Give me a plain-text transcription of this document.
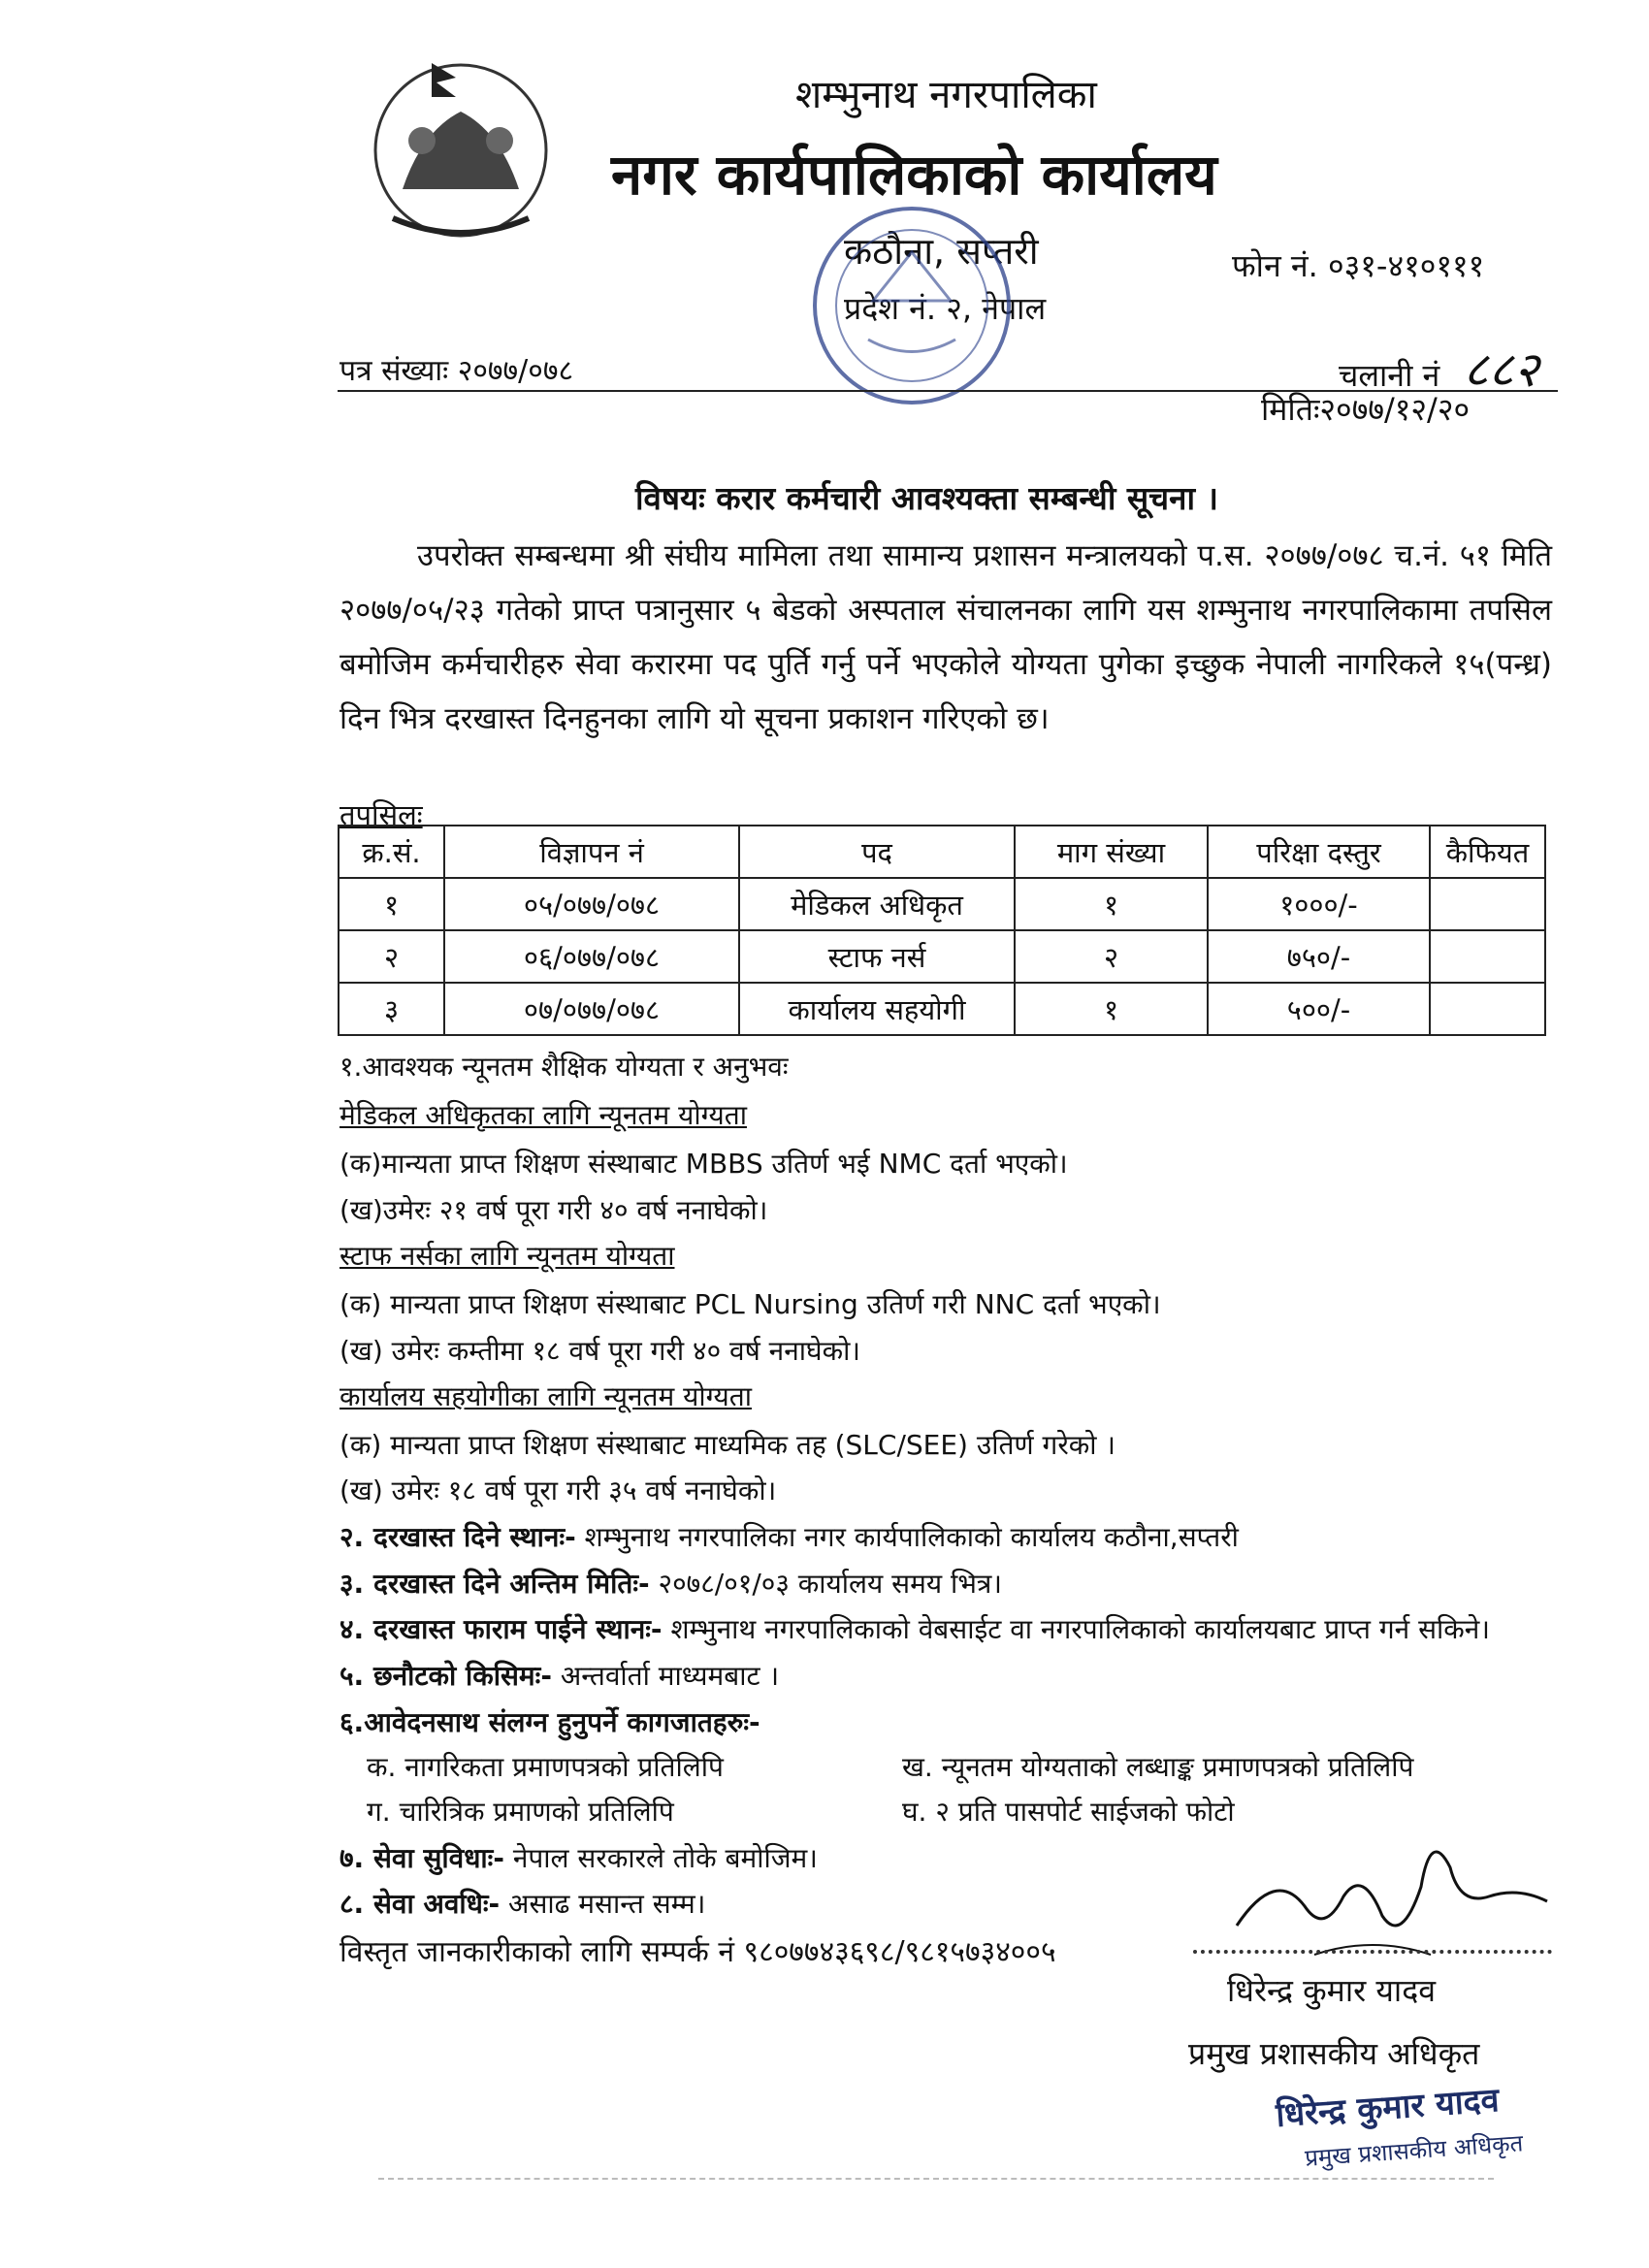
शम्भुनाथ नगरपालिका
नगर कार्यपालिकाको कार्यालय
कठौना, सप्तरी
प्रदेश नं. २, नेपाल
फोन नं. ०३१-४१०१११
पत्र संख्याः २०७७/०७८	चलानी नं ८८२
मितिः२०७७/१२/२०
विषयः करार कर्मचारी आवश्यक्ता सम्बन्धी सूचना ।
उपरोक्त सम्बन्धमा श्री संघीय मामिला तथा सामान्य प्रशासन मन्त्रालयको प.स. २०७७/०७८ च.नं. ५१ मिति २०७७/०५/२३ गतेको प्राप्त पत्रानुसार ५ बेडको अस्पताल संचालनका लागि यस शम्भुनाथ नगरपालिकामा तपसिल बमोजिम कर्मचारीहरु सेवा करारमा पद पुर्ति गर्नु पर्ने भएकोले योग्यता पुगेका इच्छुक नेपाली नागरिकले १५(पन्ध्र) दिन भित्र दरखास्त दिनहुनका लागि यो सूचना प्रकाशन गरिएको छ।
तपसिलः
क्र.सं.	विज्ञापन नं	पद	माग संख्या	परिक्षा दस्तुर	कैफियत
१	०५/०७७/०७८	मेडिकल अधिकृत	१	१०००/-	
२	०६/०७७/०७८	स्टाफ नर्स	२	७५०/-	
३	०७/०७७/०७८	कार्यालय सहयोगी	१	५००/-	
१.आवश्यक न्यूनतम शैक्षिक योग्यता र अनुभवः
मेडिकल अधिकृतका लागि न्यूनतम योग्यता
(क)मान्यता प्राप्त शिक्षण संस्थाबाट MBBS उतिर्ण भई NMC दर्ता भएको।
(ख)उमेरः २१ वर्ष पूरा गरी ४० वर्ष ननाघेको।
स्टाफ नर्सका लागि न्यूनतम योग्यता
(क) मान्यता प्राप्त शिक्षण संस्थाबाट PCL Nursing उतिर्ण गरी NNC दर्ता भएको।
(ख) उमेरः कम्तीमा १८ वर्ष पूरा गरी ४० वर्ष ननाघेको।
कार्यालय सहयोगीका लागि न्यूनतम योग्यता
(क) मान्यता प्राप्त शिक्षण संस्थाबाट माध्यमिक तह (SLC/SEE) उतिर्ण गरेको ।
(ख) उमेरः १८ वर्ष पूरा गरी ३५ वर्ष ननाघेको।
२. दरखास्त दिने स्थानः- शम्भुनाथ नगरपालिका नगर कार्यपालिकाको कार्यालय कठौना,सप्तरी
३. दरखास्त दिने अन्तिम मितिः- २०७८/०१/०३ कार्यालय समय भित्र।
४. दरखास्त फाराम पाईने स्थानः- शम्भुनाथ नगरपालिकाको वेबसाईट वा नगरपालिकाको कार्यालयबाट प्राप्त गर्न सकिने।
५. छनौटको किसिमः- अन्तर्वार्ता माध्यमबाट ।
६.आवेदनसाथ संलग्न हुनुपर्ने कागजातहरुः-
क. नागरिकता प्रमाणपत्रको प्रतिलिपि	ख. न्यूनतम योग्यताको लब्धाङ्क प्रमाणपत्रको प्रतिलिपि
ग. चारित्रिक प्रमाणको प्रतिलिपि	घ. २ प्रति पासपोर्ट साईजको फोटो
७. सेवा सुविधाः- नेपाल सरकारले तोके बमोजिम।
८. सेवा अवधिः- असाढ मसान्त सम्म।
विस्तृत जानकारीकाको लागि सम्पर्क नं ९८०७७४३६९८/९८१५७३४००५
धिरेन्द्र कुमार यादव
प्रमुख प्रशासकीय अधिकृत
धिरेन्द्र कुमार यादव
प्रमुख प्रशासकीय अधिकृत
